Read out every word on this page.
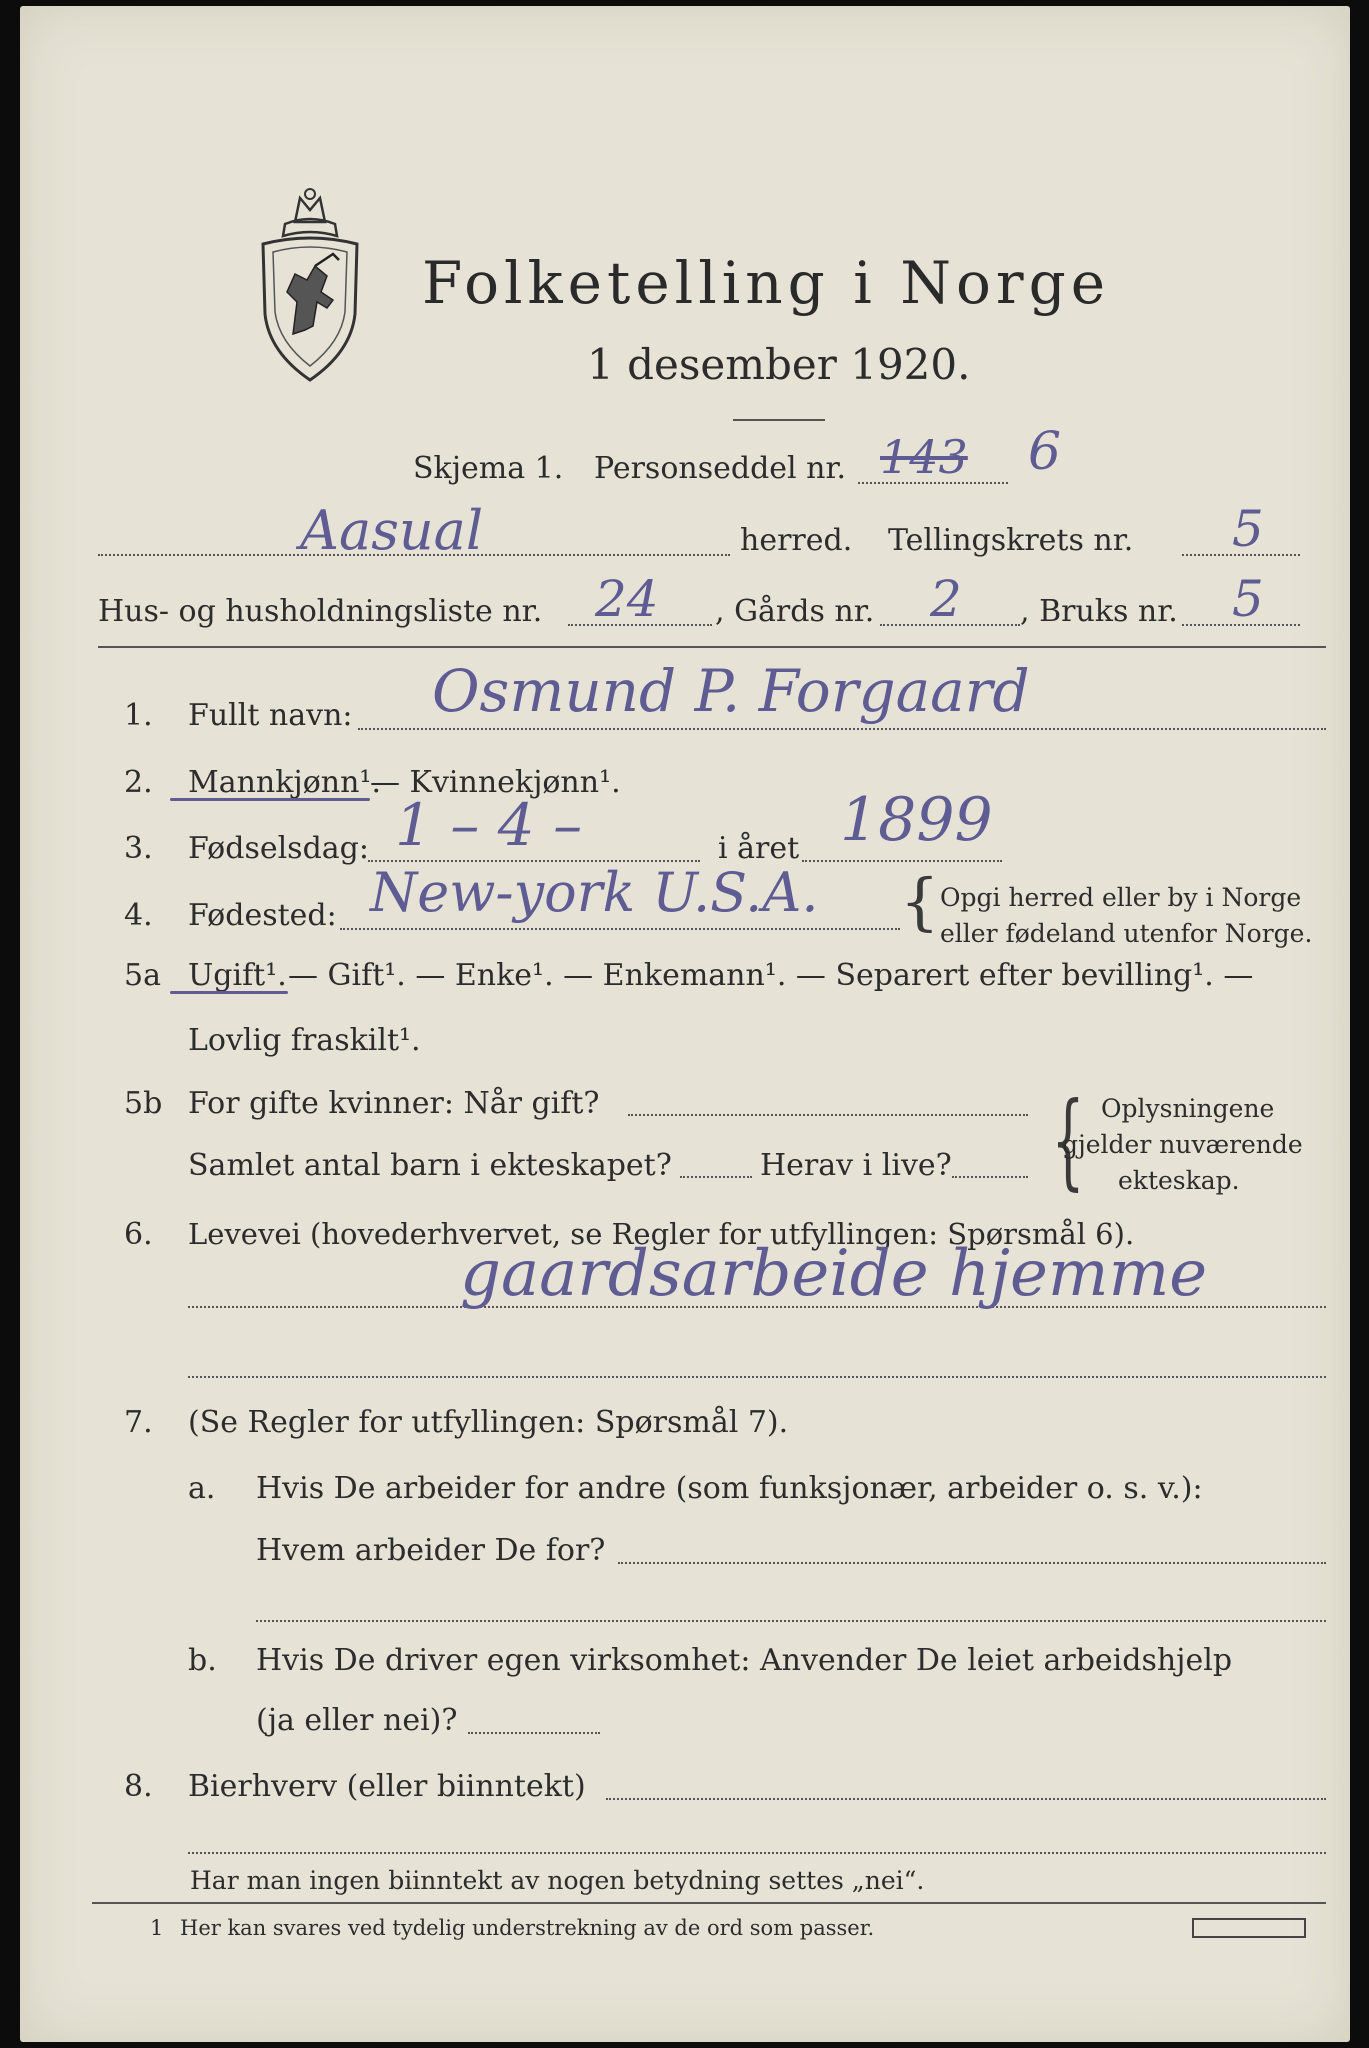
Folketelling i Norge
1 desember 1920.
Skjema 1. Personseddel nr. 143 6
Aasual	herred. Tellingskrets nr. 5
Hus- og husholdningsliste nr. 24 , Gårds nr. 2 , Bruks nr. 5
1. Fullt navn: Osmund P. Forgaard
2. Mannkjønn¹.
— Kvinnekjønn¹.
3. Fødselsdag: 1 – 4 –	i året 1899
4. Fødested: New-york U.S.A. { Opgi herred eller by i Norge
eller fødeland utenfor Norge.
5a Ugift¹. — Gift¹. — Enke¹. — Enkemann¹. — Separert efter bevilling¹. —
Lovlig fraskilt¹.
5b For gifte kvinner: Når gift?
Samlet antal barn i ekteskapet?	Herav i live? { Oplysningene
gjelder nuværende
ekteskap.
6. Levevei (hovederhvervet, se Regler for utfyllingen: Spørsmål 6).
gaardsarbeide hjemme
7. (Se Regler for utfyllingen: Spørsmål 7).
a. Hvis De arbeider for andre (som funksjonær, arbeider o. s. v.):
Hvem arbeider De for?
b. Hvis De driver egen virksomhet: Anvender De leiet arbeidshjelp
(ja eller nei)?
8. Bierhverv (eller biinntekt)
Har man ingen biinntekt av nogen betydning settes „nei“.
1 Her kan svares ved tydelig understrekning av de ord som passer.
